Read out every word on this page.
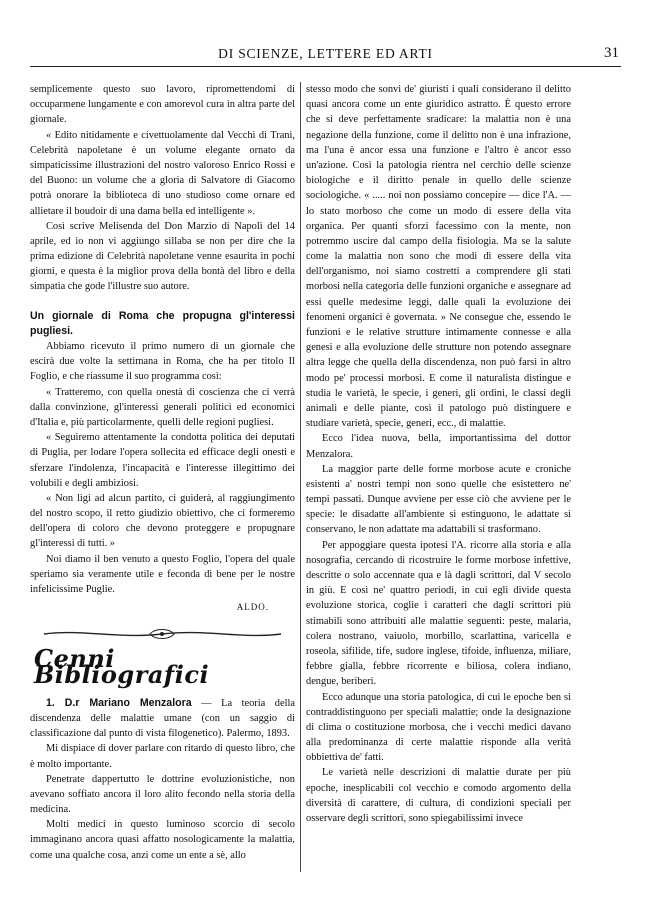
DI SCIENZE, LETTERE ED ARTI	31

semplicemente questo suo lavoro, ripromettendomi di occuparmene lungamente e con amorevol cura in altra parte del giornale.

« Edito nitidamente e civettuolamente dal Vecchi di Trani, Celebrità napoletane è un volume elegante ornato da simpaticissime illustrazioni del nostro valoroso Enrico Rossi e del Buono: un volume che a gloria di Salvatore di Giacomo potrà onorare la biblioteca di uno studioso come ornare ed allietare il boudoir di una dama bella ed intelligente ».

Così scrive Melisenda del Don Marzio di Napoli del 14 aprile, ed io non vi aggiungo sillaba se non per dire che la prima edizione di Celebrità napoletane venne esaurita in pochi giorni, e questa è la miglior prova della bontà del libro e della simpatia che gode l'illustre suo autore.

Un giornale di Roma che propugna gl'interessi pugliesi.

Abbiamo ricevuto il primo numero di un giornale che escirà due volte la settimana in Roma, che ha per titolo Il Foglio, e che riassume il suo programma così:

« Tratteremo, con quella onestà di coscienza che ci verrà dalla convinzione, gl'interessi generali politici ed economici d'Italia e, più particolarmente, quelli delle regioni pugliesi.

« Seguiremo attentamente la condotta politica dei deputati di Puglia, per lodare l'opera sollecita ed efficace degli onesti e sferzare l'indolenza, l'incapacità e l'interesse illegittimo dei volubili e degli ambiziosi.

« Non ligi ad alcun partito, ci guiderà, al raggiungimento del nostro scopo, il retto giudizio obiettivo, che ci formeremo dell'opera di coloro che devono proteggere e propugnare gl'interessi di tutti. »

Noi diamo il ben venuto a questo Foglio, l'opera del quale speriamo sia veramente utile e feconda di bene per le nostre infelicissime Puglie.

ALDO.

Cenni Bibliografici

1. D.r Mariano Menzalora — La teoria della discendenza delle malattie umane (con un saggio di classificazione dal punto di vista filogenetico). Palermo, 1893.

Mi dispiace di dover parlare con ritardo di questo libro, che è molto importante.

Penetrate dappertutto le dottrine evoluzionistiche, non avevano soffiato ancora il loro alito fecondo nella storia della medicina.

Molti medici in questo luminoso scorcio di secolo immaginano ancora quasi affatto nosologicamente la malattia, come una qualche cosa, anzi come un ente a sè, allo

stesso modo che sonvi de' giuristi i quali considerano il delitto quasi ancora come un ente giuridico astratto. È questo errore che si deve perfettamente sradicare: la malattia non è una negazione della funzione, come il delitto non è una infrazione, ma l'una è ancor essa una funzione e l'altro è ancor esso un'azione. Così la patologia rientra nel cerchio delle scienze biologiche e il diritto penale in quello delle scienze sociologiche. « ..... noi non possiamo concepire — dice l'A. — lo stato morboso che come un modo di essere della vita organica. Per quanti sforzi facessimo con la mente, non potremmo uscire dal campo della fisiologia. Ma se la salute come la malattia non sono che modi di essere della vita dell'organismo, noi siamo costretti a comprendere gli stati morbosi nella categoria delle funzioni organiche e assegnare ad essi quelle medesime leggi, dalle quali la evoluzione dei fenomeni organici è governata. » Ne consegue che, essendo le funzioni e le relative strutture intimamente connesse e alla genesi e alla evoluzione delle strutture non potendo assegnare altra legge che quella della discendenza, non può farsi in altro modo pe' processi morbosi. E come il naturalista distingue e studia le varietà, le specie, i generi, gli ordini, le classi degli animali e delle piante, così il patologo può distinguere e studiare varietà, specie, generi, ecc., di malattie.

Ecco l'idea nuova, bella, importantissima del dottor Menzalora.

La maggior parte delle forme morbose acute e croniche esistenti a' nostri tempi non sono quelle che esistettero ne' tempi passati. Dunque avviene per esse ciò che avviene per le specie: le disadatte all'ambiente si estinguono, le adattate si conservano, le non adattate ma adattabili si trasformano.

Per appoggiare questa ipotesi l'A. ricorre alla storia e alla nosografia, cercando di ricostruire le forme morbose infettive, descritte o solo accennate qua e là dagli scrittori, dal V secolo in giù. E così ne' quattro periodi, in cui egli divide questa evoluzione storica, coglie i caratteri che dagli scrittori più stimabili sono attribuiti alle malattie seguenti: peste, malaria, colera nostrano, vaiuolo, morbillo, scarlattina, varicella e roseola, sifilide, tife, sudore inglese, tifoide, influenza, miliare, febbre gialla, febbre ricorrente e biliosa, colera indiano, dengue, beriberi.

Ecco adunque una storia patologica, di cui le epoche ben si contraddistinguono per speciali malattie; onde la designazione di clima o costituzione morbosa, che i vecchi medici davano alla predominanza di certe malattie risponde alla verità obbiettiva de' fatti.

Le varietà nelle descrizioni di malattie durate per più epoche, inesplicabili col vecchio e comodo argomento della diversità di carattere, di cultura, di condizioni speciali per osservare degli scrittori, sono spiegabilissimi invece
